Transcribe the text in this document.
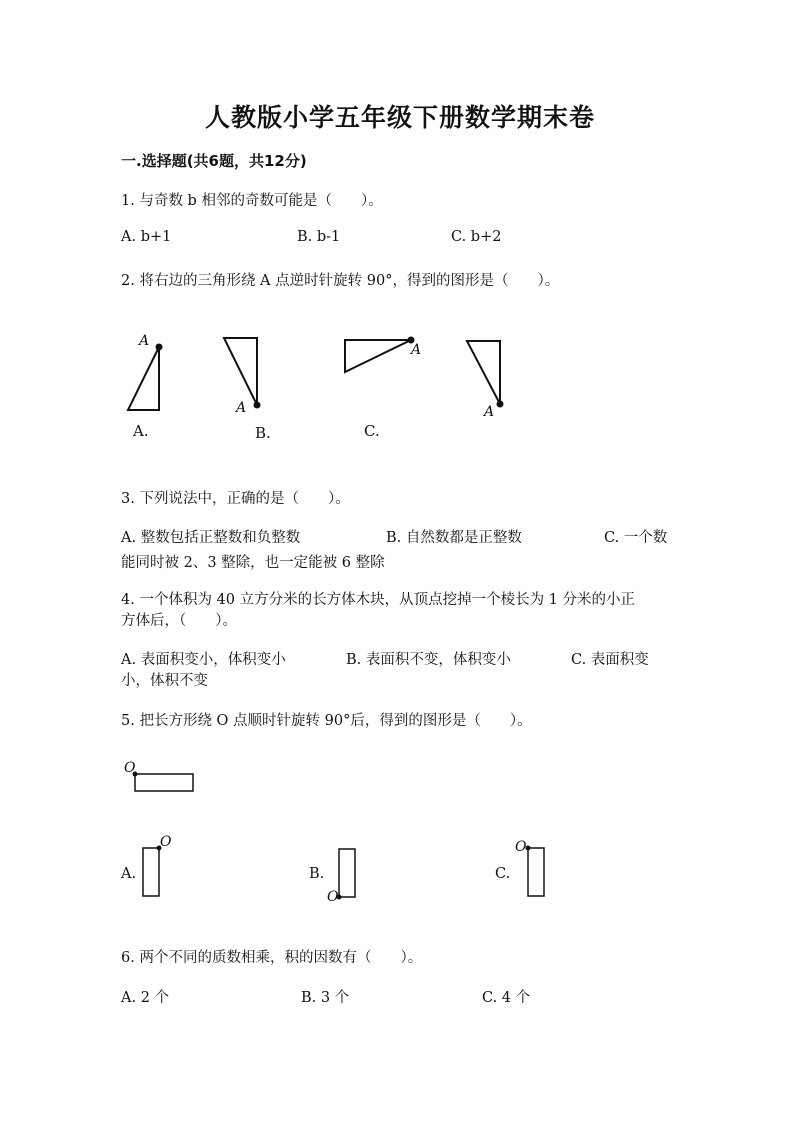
人教版小学五年级下册数学期末卷
一.选择题(共6题，共12分)
1. 与奇数 b 相邻的奇数可能是（　　）。
A. b+1	B. b-1	C. b+2
2. 将右边的三角形绕 A 点逆时针旋转 90°，得到的图形是（　　）。
A
A
A.
A
B.
A
C.
3. 下列说法中，正确的是（　　）。
A. 整数包括正整数和负整数	B. 自然数都是正整数	C. 一个数
能同时被 2、3 整除，也一定能被 6 整除
4. 一个体积为 40 立方分米的长方体木块，从顶点挖掉一个棱长为 1 分米的小正
方体后，（　　）。
A. 表面积变小，体积变小	B. 表面积不变，体积变小	C. 表面积变
小，体积不变
5. 把长方形绕 O 点顺时针旋转 90°后，得到的图形是（　　）。
O
O
O
O
A.	B.	C.
6. 两个不同的质数相乘，积的因数有（　　）。
A. 2 个	B. 3 个	C. 4 个
